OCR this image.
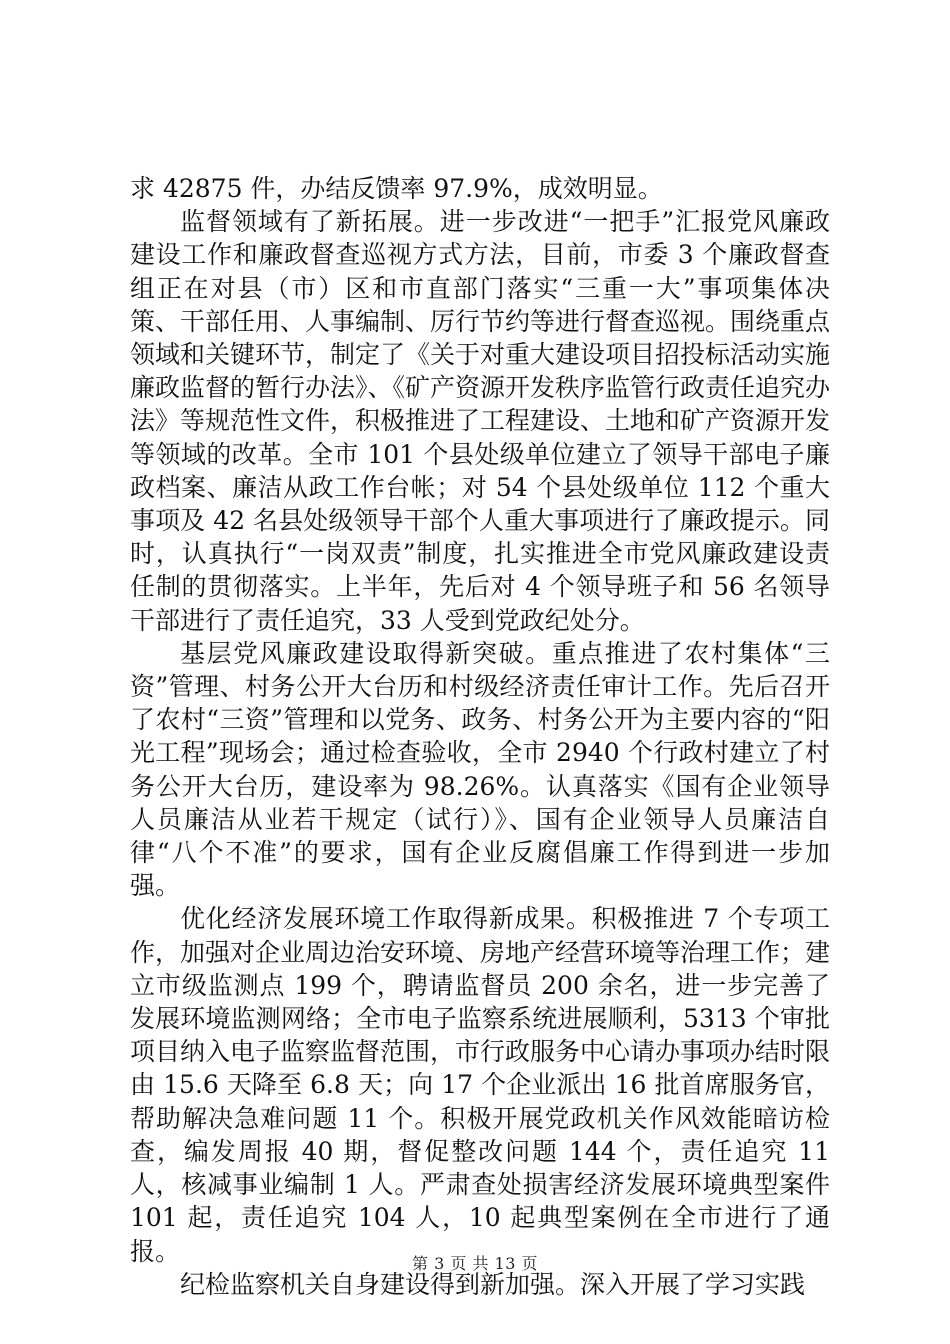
求 42875 件，办结反馈率 97.9%，成效明显。

监督领域有了新拓展。进一步改进“一把手”汇报党风廉政建设工作和廉政督查巡视方式方法，目前，市委 3 个廉政督查组正在对县（市）区和市直部门落实“三重一大”事项集体决策、干部任用、人事编制、厉行节约等进行督查巡视。围绕重点领域和关键环节，制定了《关于对重大建设项目招投标活动实施廉政监督的暂行办法》、《矿产资源开发秩序监管行政责任追究办法》等规范性文件，积极推进了工程建设、土地和矿产资源开发等领域的改革。全市 101 个县处级单位建立了领导干部电子廉政档案、廉洁从政工作台帐；对 54 个县处级单位 112 个重大事项及 42 名县处级领导干部个人重大事项进行了廉政提示。同时，认真执行“一岗双责”制度，扎实推进全市党风廉政建设责任制的贯彻落实。上半年，先后对 4 个领导班子和 56 名领导干部进行了责任追究，33 人受到党政纪处分。

基层党风廉政建设取得新突破。重点推进了农村集体“三资”管理、村务公开大台历和村级经济责任审计工作。先后召开了农村“三资”管理和以党务、政务、村务公开为主要内容的“阳光工程”现场会；通过检查验收，全市 2940 个行政村建立了村务公开大台历，建设率为 98.26%。认真落实《国有企业领导人员廉洁从业若干规定（试行）》、国有企业领导人员廉洁自律“八个不准”的要求，国有企业反腐倡廉工作得到进一步加强。

优化经济发展环境工作取得新成果。积极推进 7 个专项工作，加强对企业周边治安环境、房地产经营环境等治理工作；建立市级监测点 199 个，聘请监督员 200 余名，进一步完善了发展环境监测网络；全市电子监察系统进展顺利，5313 个审批项目纳入电子监察监督范围，市行政服务中心请办事项办结时限由 15.6 天降至 6.8 天；向 17 个企业派出 16 批首席服务官，帮助解决急难问题 11 个。积极开展党政机关作风效能暗访检查，编发周报 40 期，督促整改问题 144 个，责任追究 11 人，核减事业编制 1 人。严肃查处损害经济发展环境典型案件 101 起，责任追究 104 人，10 起典型案例在全市进行了通报。

纪检监察机关自身建设得到新加强。深入开展了学习实践

第 3 页 共 13 页
